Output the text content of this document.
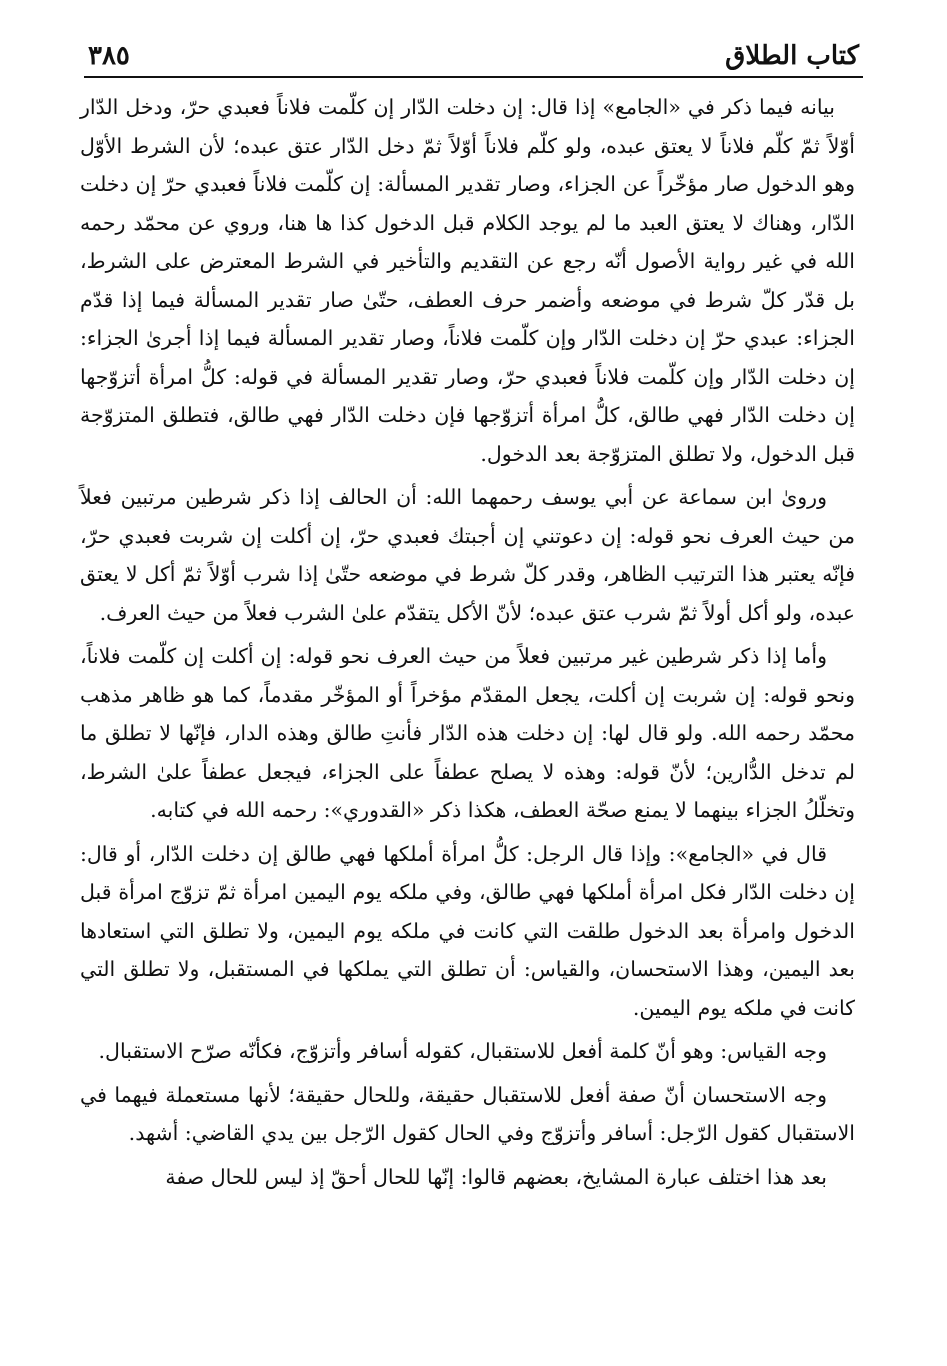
كتاب الطلاق
٣٨٥

بيانه فيما ذكر في «الجامع» إذا قال: إن دخلت الدّار إن كلّمت فلاناً فعبدي حرّ، ودخل الدّار أوّلاً ثمّ كلّم فلاناً لا يعتق عبده، ولو كلّم فلاناً أوّلاً ثمّ دخل الدّار عتق عبده؛ لأن الشرط الأوّل وهو الدخول صار مؤخّراً عن الجزاء، وصار تقدير المسألة: إن كلّمت فلاناً فعبدي حرّ إن دخلت الدّار، وهناك لا يعتق العبد ما لم يوجد الكلام قبل الدخول كذا ها هنا، وروي عن محمّد رحمه الله في غير رواية الأصول أنّه رجع عن التقديم والتأخير في الشرط المعترض على الشرط، بل قدّر كلّ شرط في موضعه وأضمر حرف العطف، حتّىٰ صار تقدير المسألة فيما إذا قدّم الجزاء: عبدي حرّ إن دخلت الدّار وإن كلّمت فلاناً، وصار تقدير المسألة فيما إذا أجرىٰ الجزاء: إن دخلت الدّار وإن كلّمت فلاناً فعبدي حرّ، وصار تقدير المسألة في قوله: كلُّ امرأة أتزوّجها إن دخلت الدّار فهي طالق، كلُّ امرأة أتزوّجها فإن دخلت الدّار فهي طالق، فتطلق المتزوّجة قبل الدخول، ولا تطلق المتزوّجة بعد الدخول.

وروىٰ ابن سماعة عن أبي يوسف رحمهما الله: أن الحالف إذا ذكر شرطين مرتبين فعلاً من حيث العرف نحو قوله: إن دعوتني إن أجبتك فعبدي حرّ، إن أكلت إن شربت فعبدي حرّ، فإنّه يعتبر هذا الترتيب الظاهر، وقدر كلّ شرط في موضعه حتّىٰ إذا شرب أوّلاً ثمّ أكل لا يعتق عبده، ولو أكل أولاً ثمّ شرب عتق عبده؛ لأنّ الأكل يتقدّم علىٰ الشرب فعلاً من حيث العرف.

وأما إذا ذكر شرطين غير مرتبين فعلاً من حيث العرف نحو قوله: إن أكلت إن كلّمت فلاناً، ونحو قوله: إن شربت إن أكلت، يجعل المقدّم مؤخراً أو المؤخّر مقدماً، كما هو ظاهر مذهب محمّد رحمه الله. ولو قال لها: إن دخلت هذه الدّار فأنتِ طالق وهذه الدار، فإنّها لا تطلق ما لم تدخل الدُّارين؛ لأنّ قوله: وهذه لا يصلح عطفاً على الجزاء، فيجعل عطفاً علىٰ الشرط، وتخلّلُ الجزاء بينهما لا يمنع صحّة العطف، هكذا ذكر «القدوري»: رحمه الله في كتابه.

قال في «الجامع»: وإذا قال الرجل: كلُّ امرأة أملكها فهي طالق إن دخلت الدّار، أو قال: إن دخلت الدّار فكل امرأة أملكها فهي طالق، وفي ملكه يوم اليمين امرأة ثمّ تزوّج امرأة قبل الدخول وامرأة بعد الدخول طلقت التي كانت في ملكه يوم اليمين، ولا تطلق التي استعادها بعد اليمين، وهذا الاستحسان، والقياس: أن تطلق التي يملكها في المستقبل، ولا تطلق التي كانت في ملكه يوم اليمين.

وجه القياس: وهو أنّ كلمة أفعل للاستقبال، كقوله أسافر وأتزوّج، فكأنّه صرّح الاستقبال.

وجه الاستحسان أنّ صفة أفعل للاستقبال حقيقة، وللحال حقيقة؛ لأنها مستعملة فيهما في الاستقبال كقول الرّجل: أسافر وأتزوّج وفي الحال كقول الرّجل بين يدي القاضي: أشهد.

بعد هذا اختلف عبارة المشايخ، بعضهم قالوا: إنّها للحال أحقّ إذ ليس للحال صفة
